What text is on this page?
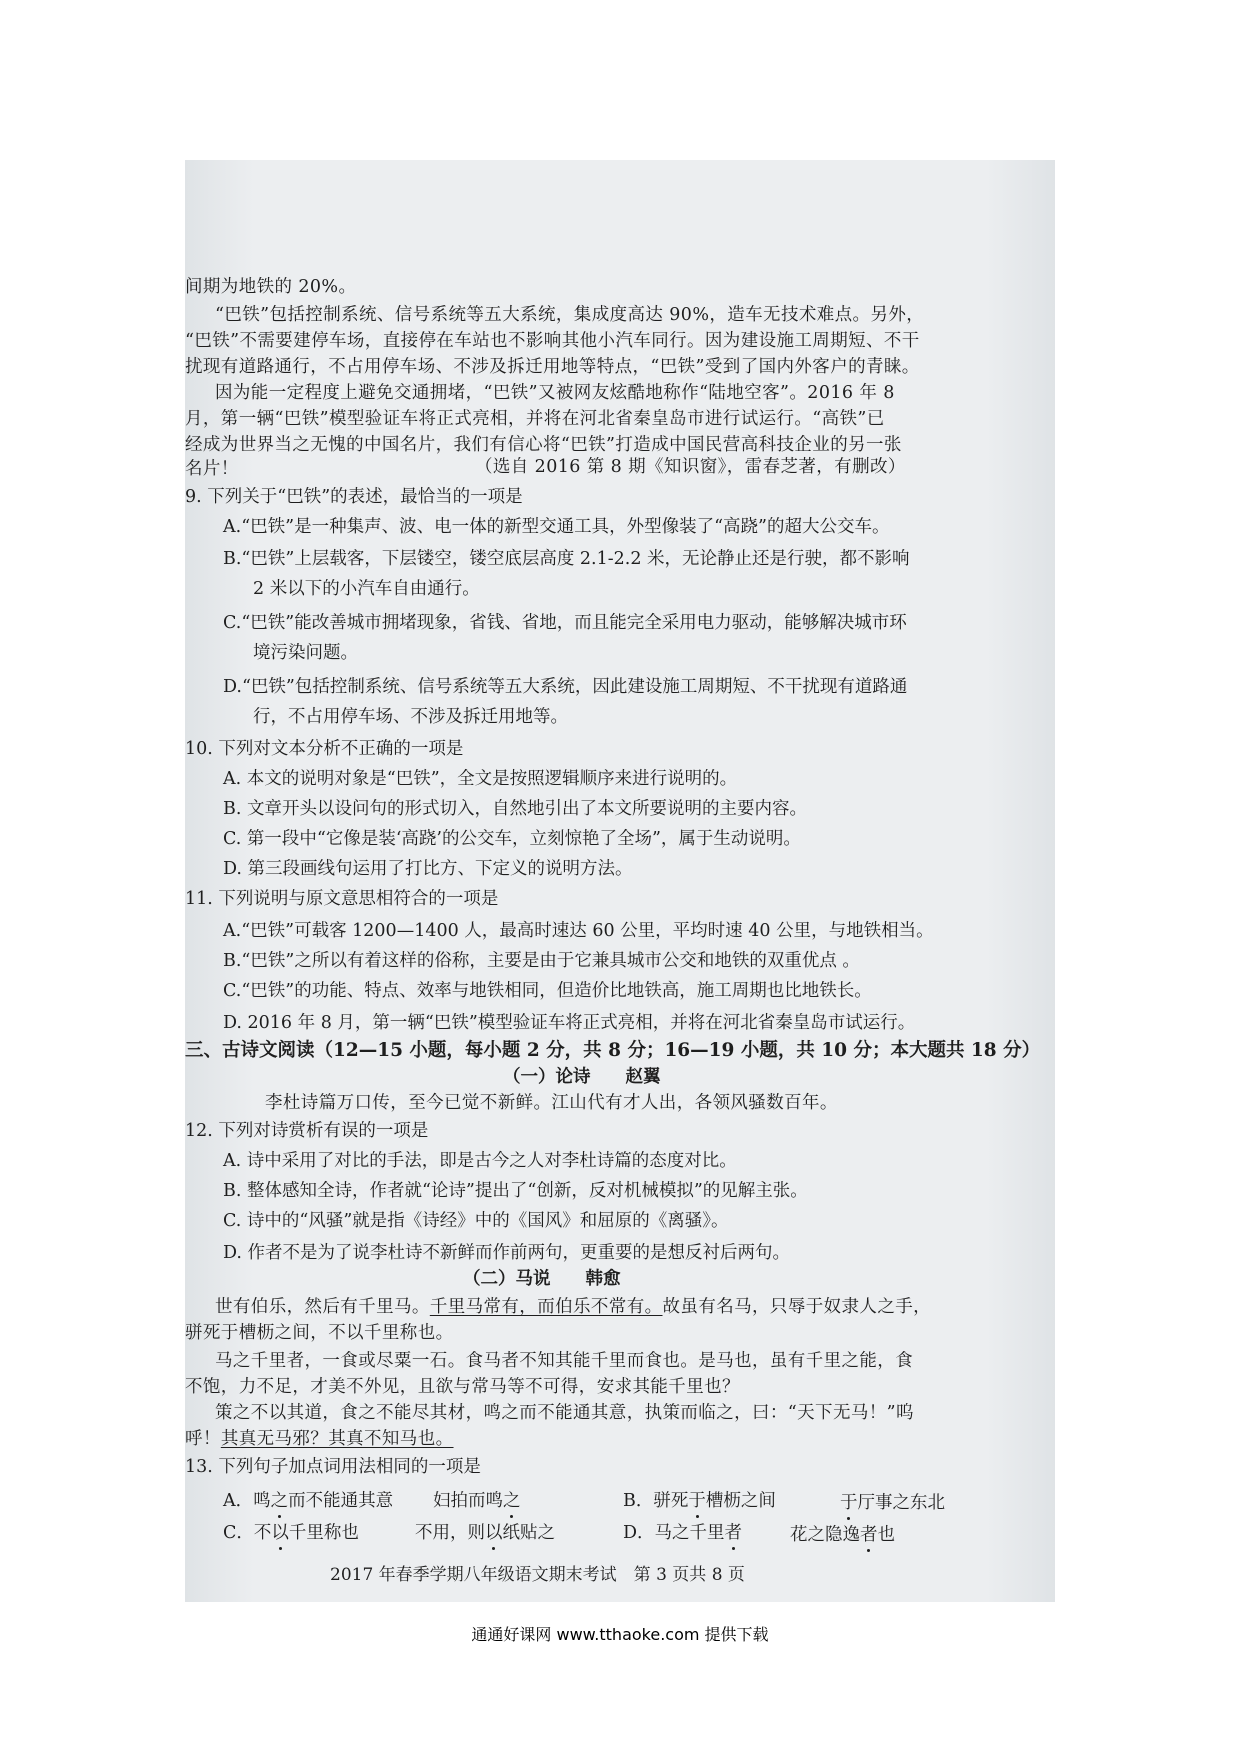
间期为地铁的 20%。
“巴铁”包括控制系统、信号系统等五大系统，集成度高达 90%，造车无技术难点。另外，
“巴铁”不需要建停车场，直接停在车站也不影响其他小汽车同行。因为建设施工周期短、不干
扰现有道路通行，不占用停车场、不涉及拆迁用地等特点，“巴铁”受到了国内外客户的青睐。
因为能一定程度上避免交通拥堵，“巴铁”又被网友炫酷地称作“陆地空客”。2016 年 8
月，第一辆“巴铁”模型验证车将正式亮相，并将在河北省秦皇岛市进行试运行。“高铁”已
经成为世界当之无愧的中国名片，我们有信心将“巴铁”打造成中国民营高科技企业的另一张
名片！	（选自 2016 第 8 期《知识窗》，雷春芝著，有删改）
9. 下列关于“巴铁”的表述，最恰当的一项是
A.“巴铁”是一种集声、波、电一体的新型交通工具，外型像装了“高跷”的超大公交车。
B.“巴铁”上层载客，下层镂空，镂空底层高度 2.1-2.2 米，无论静止还是行驶，都不影响
2 米以下的小汽车自由通行。
C.“巴铁”能改善城市拥堵现象，省钱、省地，而且能完全采用电力驱动，能够解决城市环
境污染问题。
D.“巴铁”包括控制系统、信号系统等五大系统，因此建设施工周期短、不干扰现有道路通
行，不占用停车场、不涉及拆迁用地等。
10. 下列对文本分析不正确的一项是
A. 本文的说明对象是“巴铁”，全文是按照逻辑顺序来进行说明的。
B. 文章开头以设问句的形式切入，自然地引出了本文所要说明的主要内容。
C. 第一段中“它像是装‘高跷’的公交车，立刻惊艳了全场”，属于生动说明。
D. 第三段画线句运用了打比方、下定义的说明方法。
11. 下列说明与原文意思相符合的一项是
A.“巴铁”可载客 1200—1400 人，最高时速达 60 公里，平均时速 40 公里，与地铁相当。
B.“巴铁”之所以有着这样的俗称，主要是由于它兼具城市公交和地铁的双重优点 。
C.“巴铁”的功能、特点、效率与地铁相同，但造价比地铁高，施工周期也比地铁长。
D. 2016 年 8 月，第一辆“巴铁”模型验证车将正式亮相，并将在河北省秦皇岛市试运行。
三、古诗文阅读（12—15 小题，每小题 2 分，共 8 分；16—19 小题，共 10 分；本大题共 18 分）
（一）论诗　　赵翼
李杜诗篇万口传，至今已觉不新鲜。江山代有才人出，各领风骚数百年。
12. 下列对诗赏析有误的一项是
A. 诗中采用了对比的手法，即是古今之人对李杜诗篇的态度对比。
B. 整体感知全诗，作者就“论诗”提出了“创新，反对机械模拟”的见解主张。
C. 诗中的“风骚”就是指《诗经》中的《国风》和屈原的《离骚》。
D. 作者不是为了说李杜诗不新鲜而作前两句，更重要的是想反衬后两句。
（二）马说　　韩愈
世有伯乐，然后有千里马。千里马常有，而伯乐不常有。故虽有名马，只辱于奴隶人之手，
骈死于槽枥之间，不以千里称也。
马之千里者，一食或尽粟一石。食马者不知其能千里而食也。是马也，虽有千里之能，食
不饱，力不足，才美不外见，且欲与常马等不可得，安求其能千里也？
策之不以其道，食之不能尽其材，鸣之而不能通其意，执策而临之，曰：“天下无马！”呜
呼！其真无马邪？其真不知马也。
13. 下列句子加点词用法相同的一项是
A．鸣之而不能通其意 妇拍而鸣之	B．骈死于槽枥之间	于厅事之东北
C．不以千里称也	不用，则以纸贴之	D．马之千里者	花之隐逸者也
2017 年春季学期八年级语文期末考试　第 3 页共 8 页
通通好课网 www.tthaoke.com 提供下载
